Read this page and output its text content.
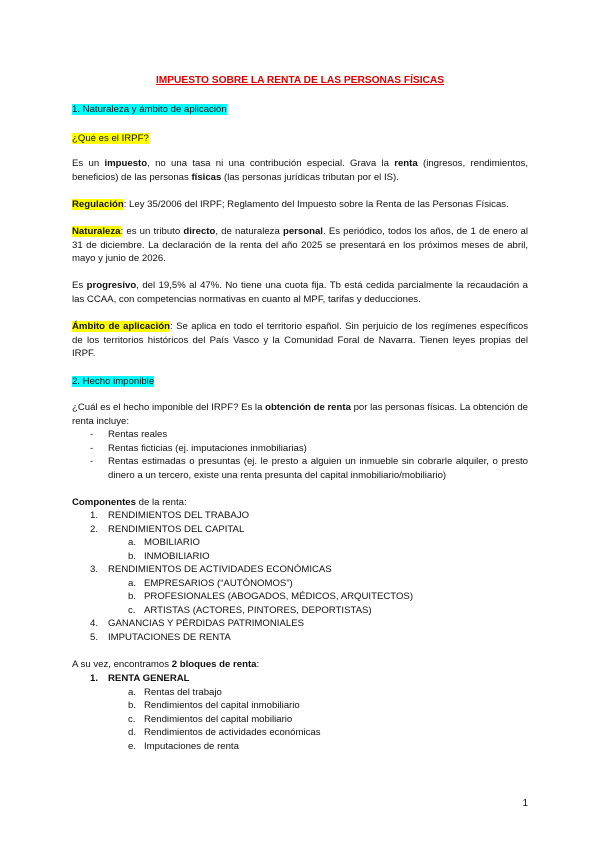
IMPUESTO SOBRE LA RENTA DE LAS PERSONAS FÍSICAS
1. Naturaleza y ámbito de aplicación
¿Qué es el IRPF?
Es un impuesto, no una tasa ni una contribución especial. Grava la renta (ingresos, rendimientos, beneficios) de las personas físicas (las personas jurídicas tributan por el IS).
Regulación: Ley 35/2006 del IRPF; Reglamento del Impuesto sobre la Renta de las Personas Físicas.
Naturaleza: es un tributo directo, de naturaleza personal. Es periódico, todos los años, de 1 de enero al 31 de diciembre. La declaración de la renta del año 2025 se presentará en los próximos meses de abril, mayo y junio de 2026.
Es progresivo, del 19,5% al 47%. No tiene una cuota fija. Tb está cedida parcialmente la recaudación a las CCAA, con competencias normativas en cuanto al MPF, tarifas y deducciones.
Ámbito de aplicación: Se aplica en todo el territorio español. Sin perjuicio de los regímenes específicos de los territorios históricos del País Vasco y la Comunidad Foral de Navarra. Tienen leyes propias del IRPF.
2. Hecho imponible
¿Cuál es el hecho imponible del IRPF? Es la obtención de renta por las personas físicas. La obtención de renta incluye:
- Rentas reales
- Rentas ficticias (ej. imputaciones inmobiliarias)
- Rentas estimadas o presuntas (ej. le presto a alguien un inmueble sin cobrarle alquiler, o presto dinero a un tercero, existe una renta presunta del capital inmobiliario/mobiliario)
Componentes de la renta:
1. RENDIMIENTOS DEL TRABAJO
2. RENDIMIENTOS DEL CAPITAL
a. MOBILIARIO
b. INMOBILIARIO
3. RENDIMIENTOS DE ACTIVIDADES ECONÓMICAS
a. EMPRESARIOS (“AUTÓNOMOS”)
b. PROFESIONALES (ABOGADOS, MÉDICOS, ARQUITECTOS)
c. ARTISTAS (ACTORES, PINTORES, DEPORTISTAS)
4. GANANCIAS Y PÉRDIDAS PATRIMONIALES
5. IMPUTACIONES DE RENTA
A su vez, encontramos 2 bloques de renta:
1. RENTA GENERAL
a. Rentas del trabajo
b. Rendimientos del capital inmobiliario
c. Rendimientos del capital mobiliario
d. Rendimientos de actividades económicas
e. Imputaciones de renta
1
